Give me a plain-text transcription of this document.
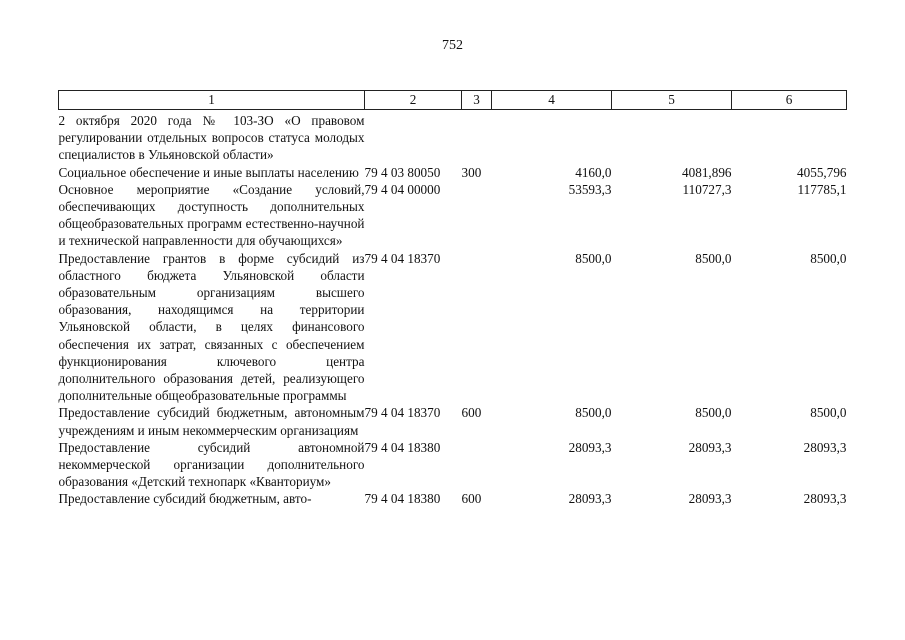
752
1	2	3	4	5	6
2 октября 2020 года № 103-ЗО «О правовом регулировании отдельных вопросов статуса молодых специалистов в Ульяновской области»					
Социальное обеспечение и иные выплаты населению	79 4 03 80050	300	4160,0	4081,896	4055,796
Основное мероприятие «Создание условий, обеспечивающих доступность дополнительных общеобразовательных программ естественно-научной и технической направленности для обучающихся»	79 4 04 00000		53593,3	110727,3	117785,1
Предоставление грантов в форме субсидий из областного бюджета Ульяновской области образовательным организациям высшего образования, находящимся на территории Ульяновской области, в целях финансового обеспечения их затрат, связанных с обеспечением функционирования ключевого центра дополнительного образования детей, реализующего дополнительные общеобразовательные программы	79 4 04 18370		8500,0	8500,0	8500,0
Предоставление субсидий бюджетным, автономным учреждениям и иным некоммерческим организациям	79 4 04 18370	600	8500,0	8500,0	8500,0
Предоставление субсидий автономной некоммерческой организации дополнительного образования «Детский технопарк «Кванториум»	79 4 04 18380		28093,3	28093,3	28093,3
Предоставление субсидий бюджетным, авто-	79 4 04 18380	600	28093,3	28093,3	28093,3
